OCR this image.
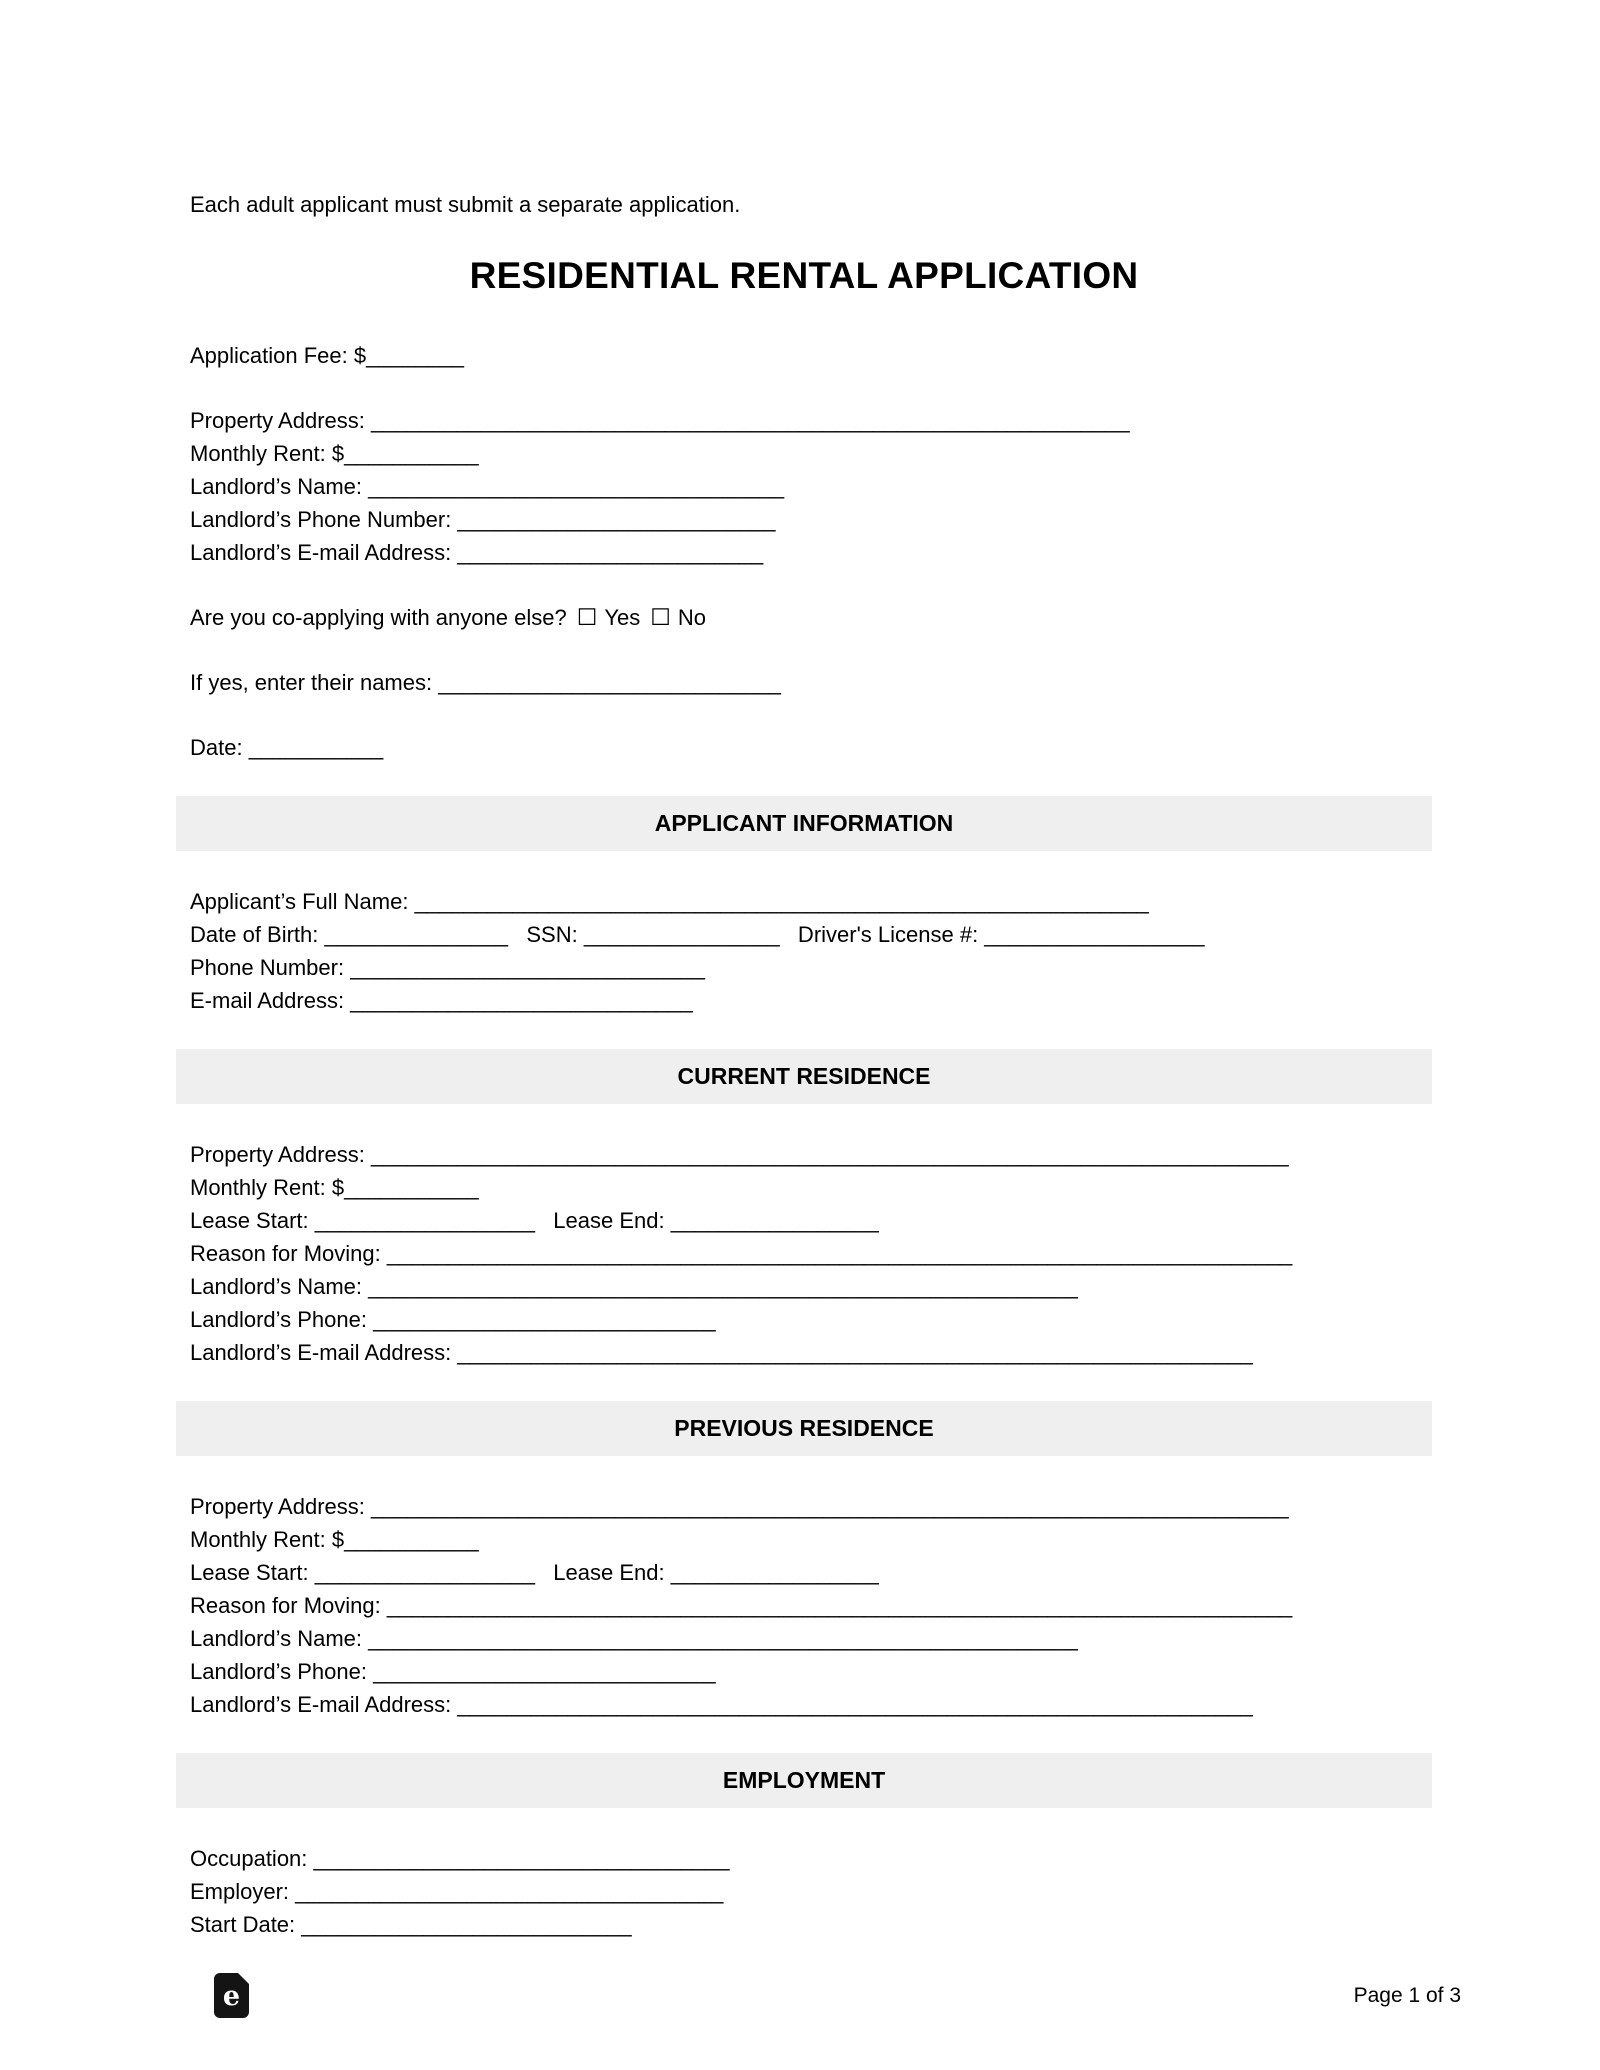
Each adult applicant must submit a separate application.
RESIDENTIAL RENTAL APPLICATION
Application Fee: $________
Property Address: ______________________________________________________________
Monthly Rent: $___________
Landlord’s Name: __________________________________
Landlord’s Phone Number: __________________________
Landlord’s E-mail Address: _________________________
Are you co-applying with anyone else? ☐ Yes ☐ No
If yes, enter their names: ____________________________
Date: ___________
APPLICANT INFORMATION
Applicant’s Full Name: ____________________________________________________________
Date of Birth: _______________   SSN: ________________   Driver's License #: __________________
Phone Number: _____________________________
E-mail Address: ____________________________
CURRENT RESIDENCE
Property Address: ___________________________________________________________________________
Monthly Rent: $___________
Lease Start: __________________   Lease End: _________________
Reason for Moving: __________________________________________________________________________
Landlord’s Name: __________________________________________________________
Landlord’s Phone: ____________________________
Landlord’s E-mail Address: _________________________________________________________________
PREVIOUS RESIDENCE
Property Address: ___________________________________________________________________________
Monthly Rent: $___________
Lease Start: __________________   Lease End: _________________
Reason for Moving: __________________________________________________________________________
Landlord’s Name: __________________________________________________________
Landlord’s Phone: ____________________________
Landlord’s E-mail Address: _________________________________________________________________
EMPLOYMENT
Occupation: __________________________________
Employer: ___________________________________
Start Date: ___________________________
e	Page 1 of 3
